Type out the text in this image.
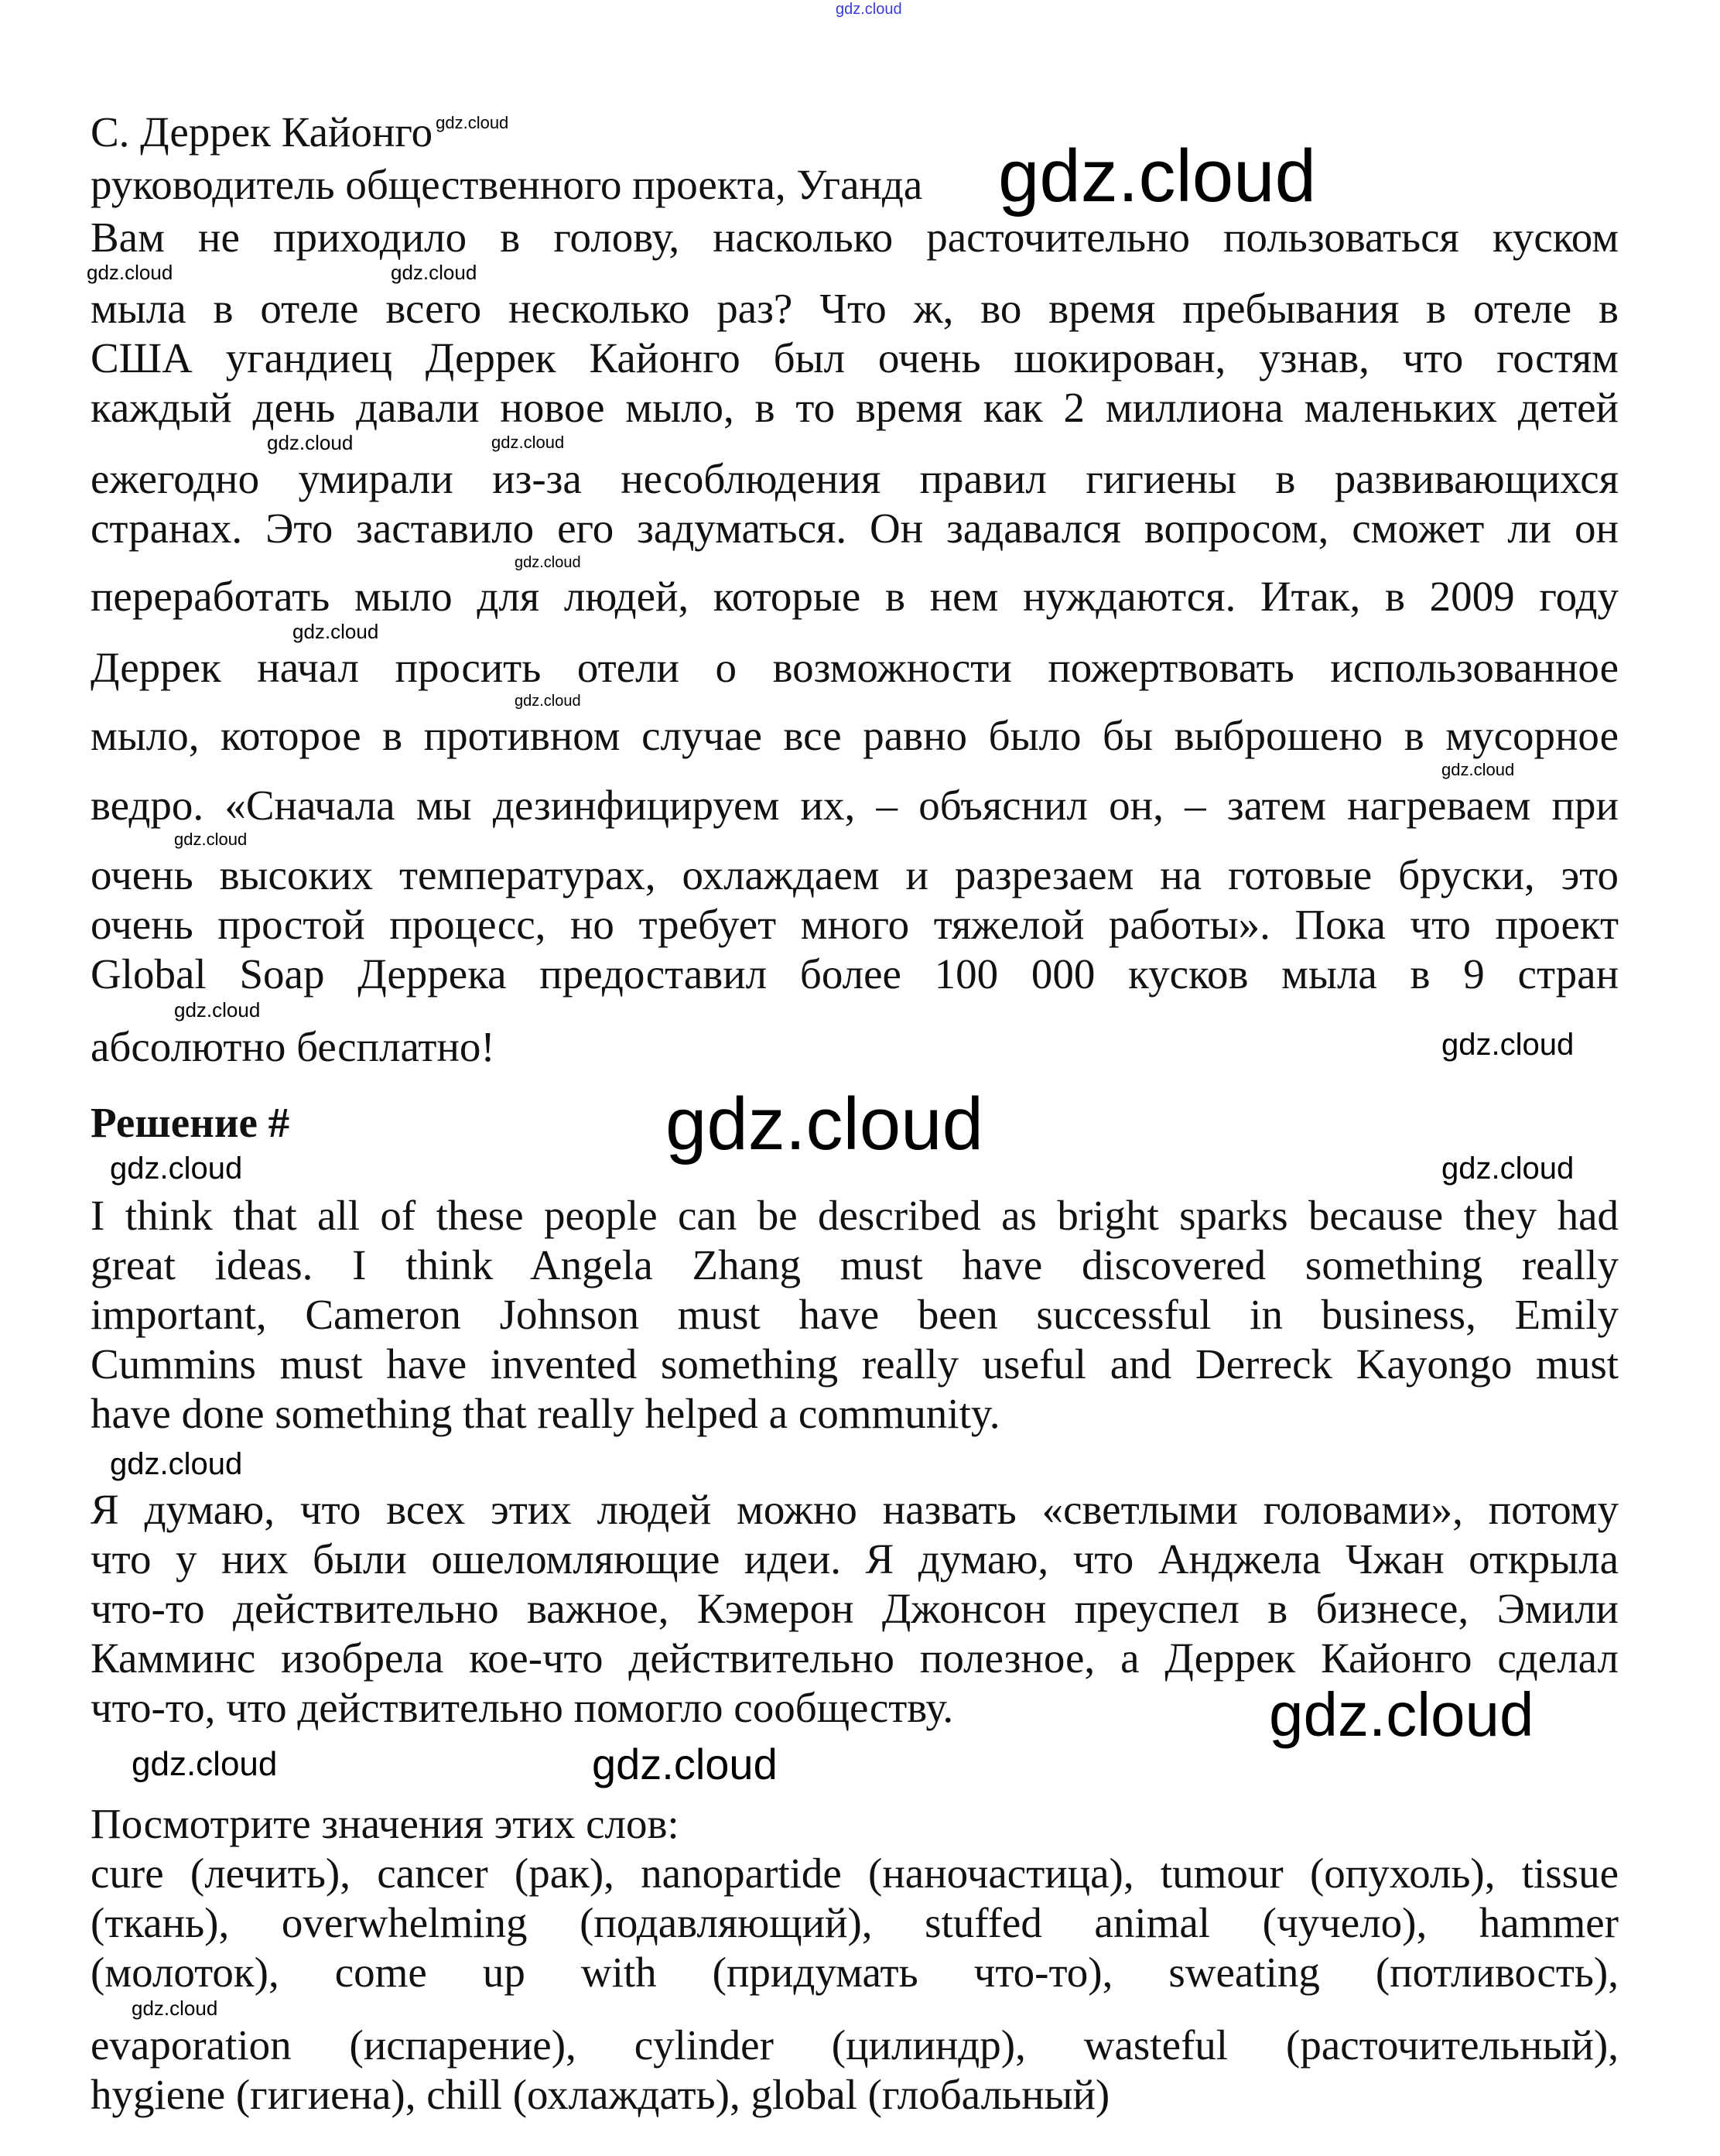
gdz.cloud
С. Деррек Кайонго $^{gdz.cloud}$
руководитель общественного проекта, Уганда	gdz.cloud
Вам не приходило в голову, насколько расточительно пользоваться куском
gdz.cloud	gdz.cloud
мыла в отеле всего несколько раз? Что ж, во время пребывания в отеле в
США угандиец Деррек Кайонго был очень шокирован, узнав, что гостям
каждый день давали новое мыло, в то время как 2 миллиона маленьких детей
gdz.cloud	gdz.cloud
ежегодно умирали из-за несоблюдения правил гигиены в развивающихся
странах. Это заставило его задуматься. Он задавался вопросом, сможет ли он
gdz.cloud
переработать мыло для людей, которые в нем нуждаются. Итак, в 2009 году
gdz.cloud
Деррек начал просить отели о возможности пожертвовать использованное
gdz.cloud
мыло, которое в противном случае все равно было бы выброшено в мусорное
gdz.cloud
ведро. «Сначала мы дезинфицируем их, – объяснил он, – затем нагреваем при
gdz.cloud
очень высоких температурах, охлаждаем и разрезаем на готовые бруски, это
очень простой процесс, но требует много тяжелой работы». Пока что проект
Global Soap Деррека предоставил более 100 000 кусков мыла в 9 стран
gdz.cloud
абсолютно бесплатно!	gdz.cloud
Решение #	gdz.cloud
gdz.cloud	gdz.cloud
I think that all of these people can be described as bright sparks because they had
great ideas. I think Angela Zhang must have discovered something really
important, Cameron Johnson must have been successful in business, Emily
Cummins must have invented something really useful and Derreck Kayongo must
have done something that really helped a community.
gdz.cloud
Я думаю, что всех этих людей можно назвать «светлыми головами», потому
что у них были ошеломляющие идеи. Я думаю, что Анджела Чжан открыла
что-то действительно важное, Кэмерон Джонсон преуспел в бизнесе, Эмили
Камминс изобрела кое-что действительно полезное, а Деррек Кайонго сделал
что-то, что действительно помогло сообществу.	gdz.cloud
gdz.cloud	gdz.cloud
Посмотрите значения этих слов:
cure (лечить), cancer (рак), nanopartide (наночастица), tumour (опухоль), tissue
(ткань), overwhelming (подавляющий), stuffed animal (чучело), hammer
(молоток), come up with (придумать что-то), sweating (потливость),
gdz.cloud
evaporation (испарение), cylinder (цилиндр), wasteful (расточительный),
hygiene (гигиена), chill (охлаждать), global (глобальный)
